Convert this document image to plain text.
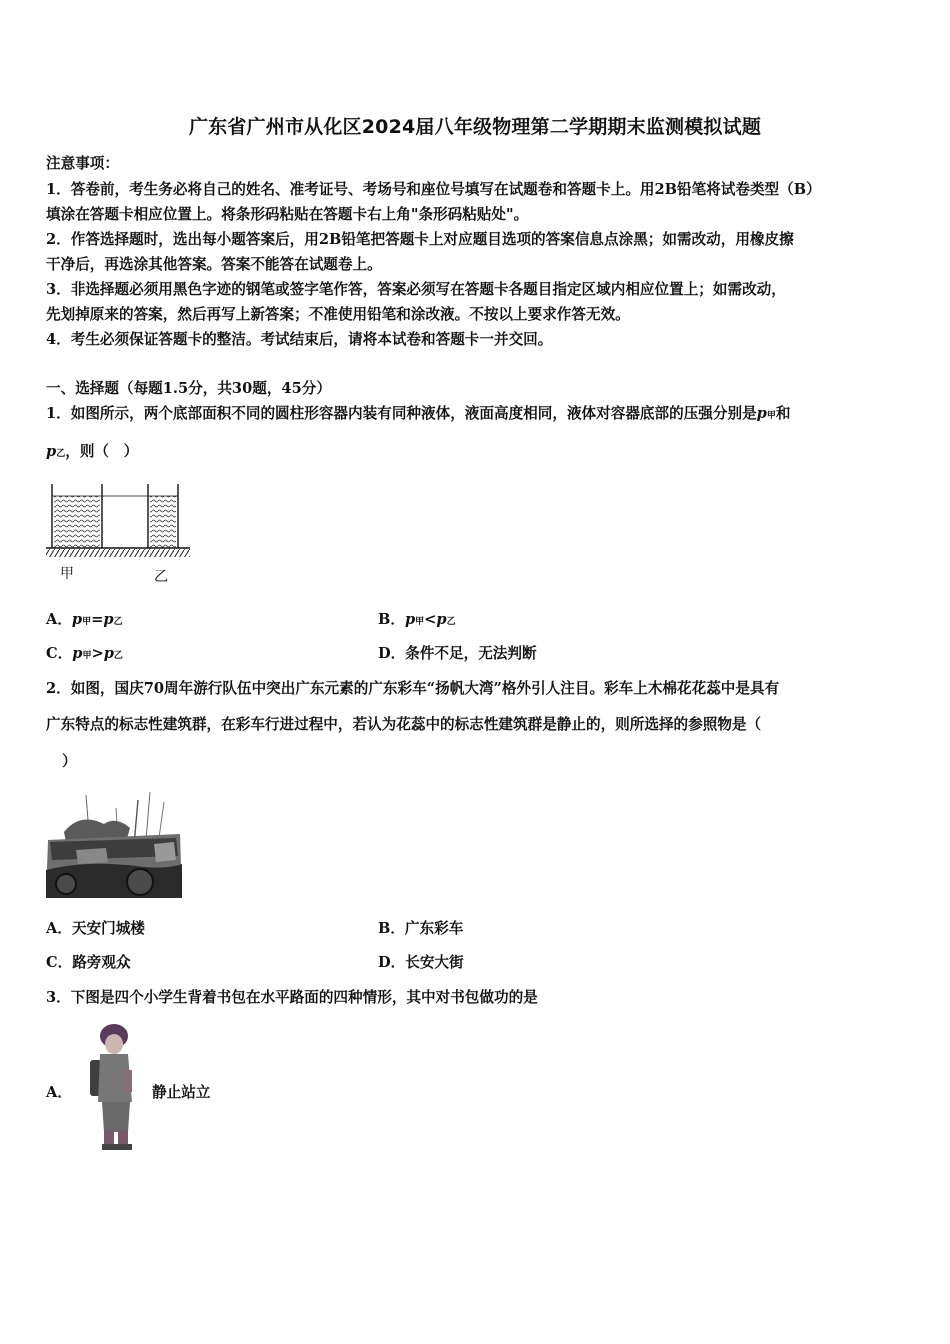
广东省广州市从化区2024届八年级物理第二学期期末监测模拟试题
注意事项：
1．答卷前，考生务必将自己的姓名、准考证号、考场号和座位号填写在试题卷和答题卡上。用2B铅笔将试卷类型（B）
填涂在答题卡相应位置上。将条形码粘贴在答题卡右上角"条形码粘贴处"。
2．作答选择题时，选出每小题答案后，用2B铅笔把答题卡上对应题目选项的答案信息点涂黑；如需改动，用橡皮擦
干净后，再选涂其他答案。答案不能答在试题卷上。
3．非选择题必须用黑色字迹的钢笔或签字笔作答，答案必须写在答题卡各题目指定区域内相应位置上；如需改动，
先划掉原来的答案，然后再写上新答案；不准使用铅笔和涂改液。不按以上要求作答无效。
4．考生必须保证答题卡的整洁。考试结束后，请将本试卷和答题卡一并交回。
一、选择题（每题1.5分，共30题，45分）
1．如图所示，两个底部面积不同的圆柱形容器内装有同种液体，液面高度相同，液体对容器底部的压强分别是p甲和
p乙，则（　）
甲	乙
A．p甲=p乙	B．p甲<p乙
C．p甲>p乙	D．条件不足，无法判断
2．如图，国庆70周年游行队伍中突出广东元素的广东彩车“扬帆大湾”格外引人注目。彩车上木棉花花蕊中是具有
广东特点的标志性建筑群，在彩车行进过程中，若认为花蕊中的标志性建筑群是静止的，则所选择的参照物是（
）
A．天安门城楼	B．广东彩车
C．路旁观众	D．长安大街
3．下图是四个小学生背着书包在水平路面的四种情形，其中对书包做功的是
A．	静止站立
